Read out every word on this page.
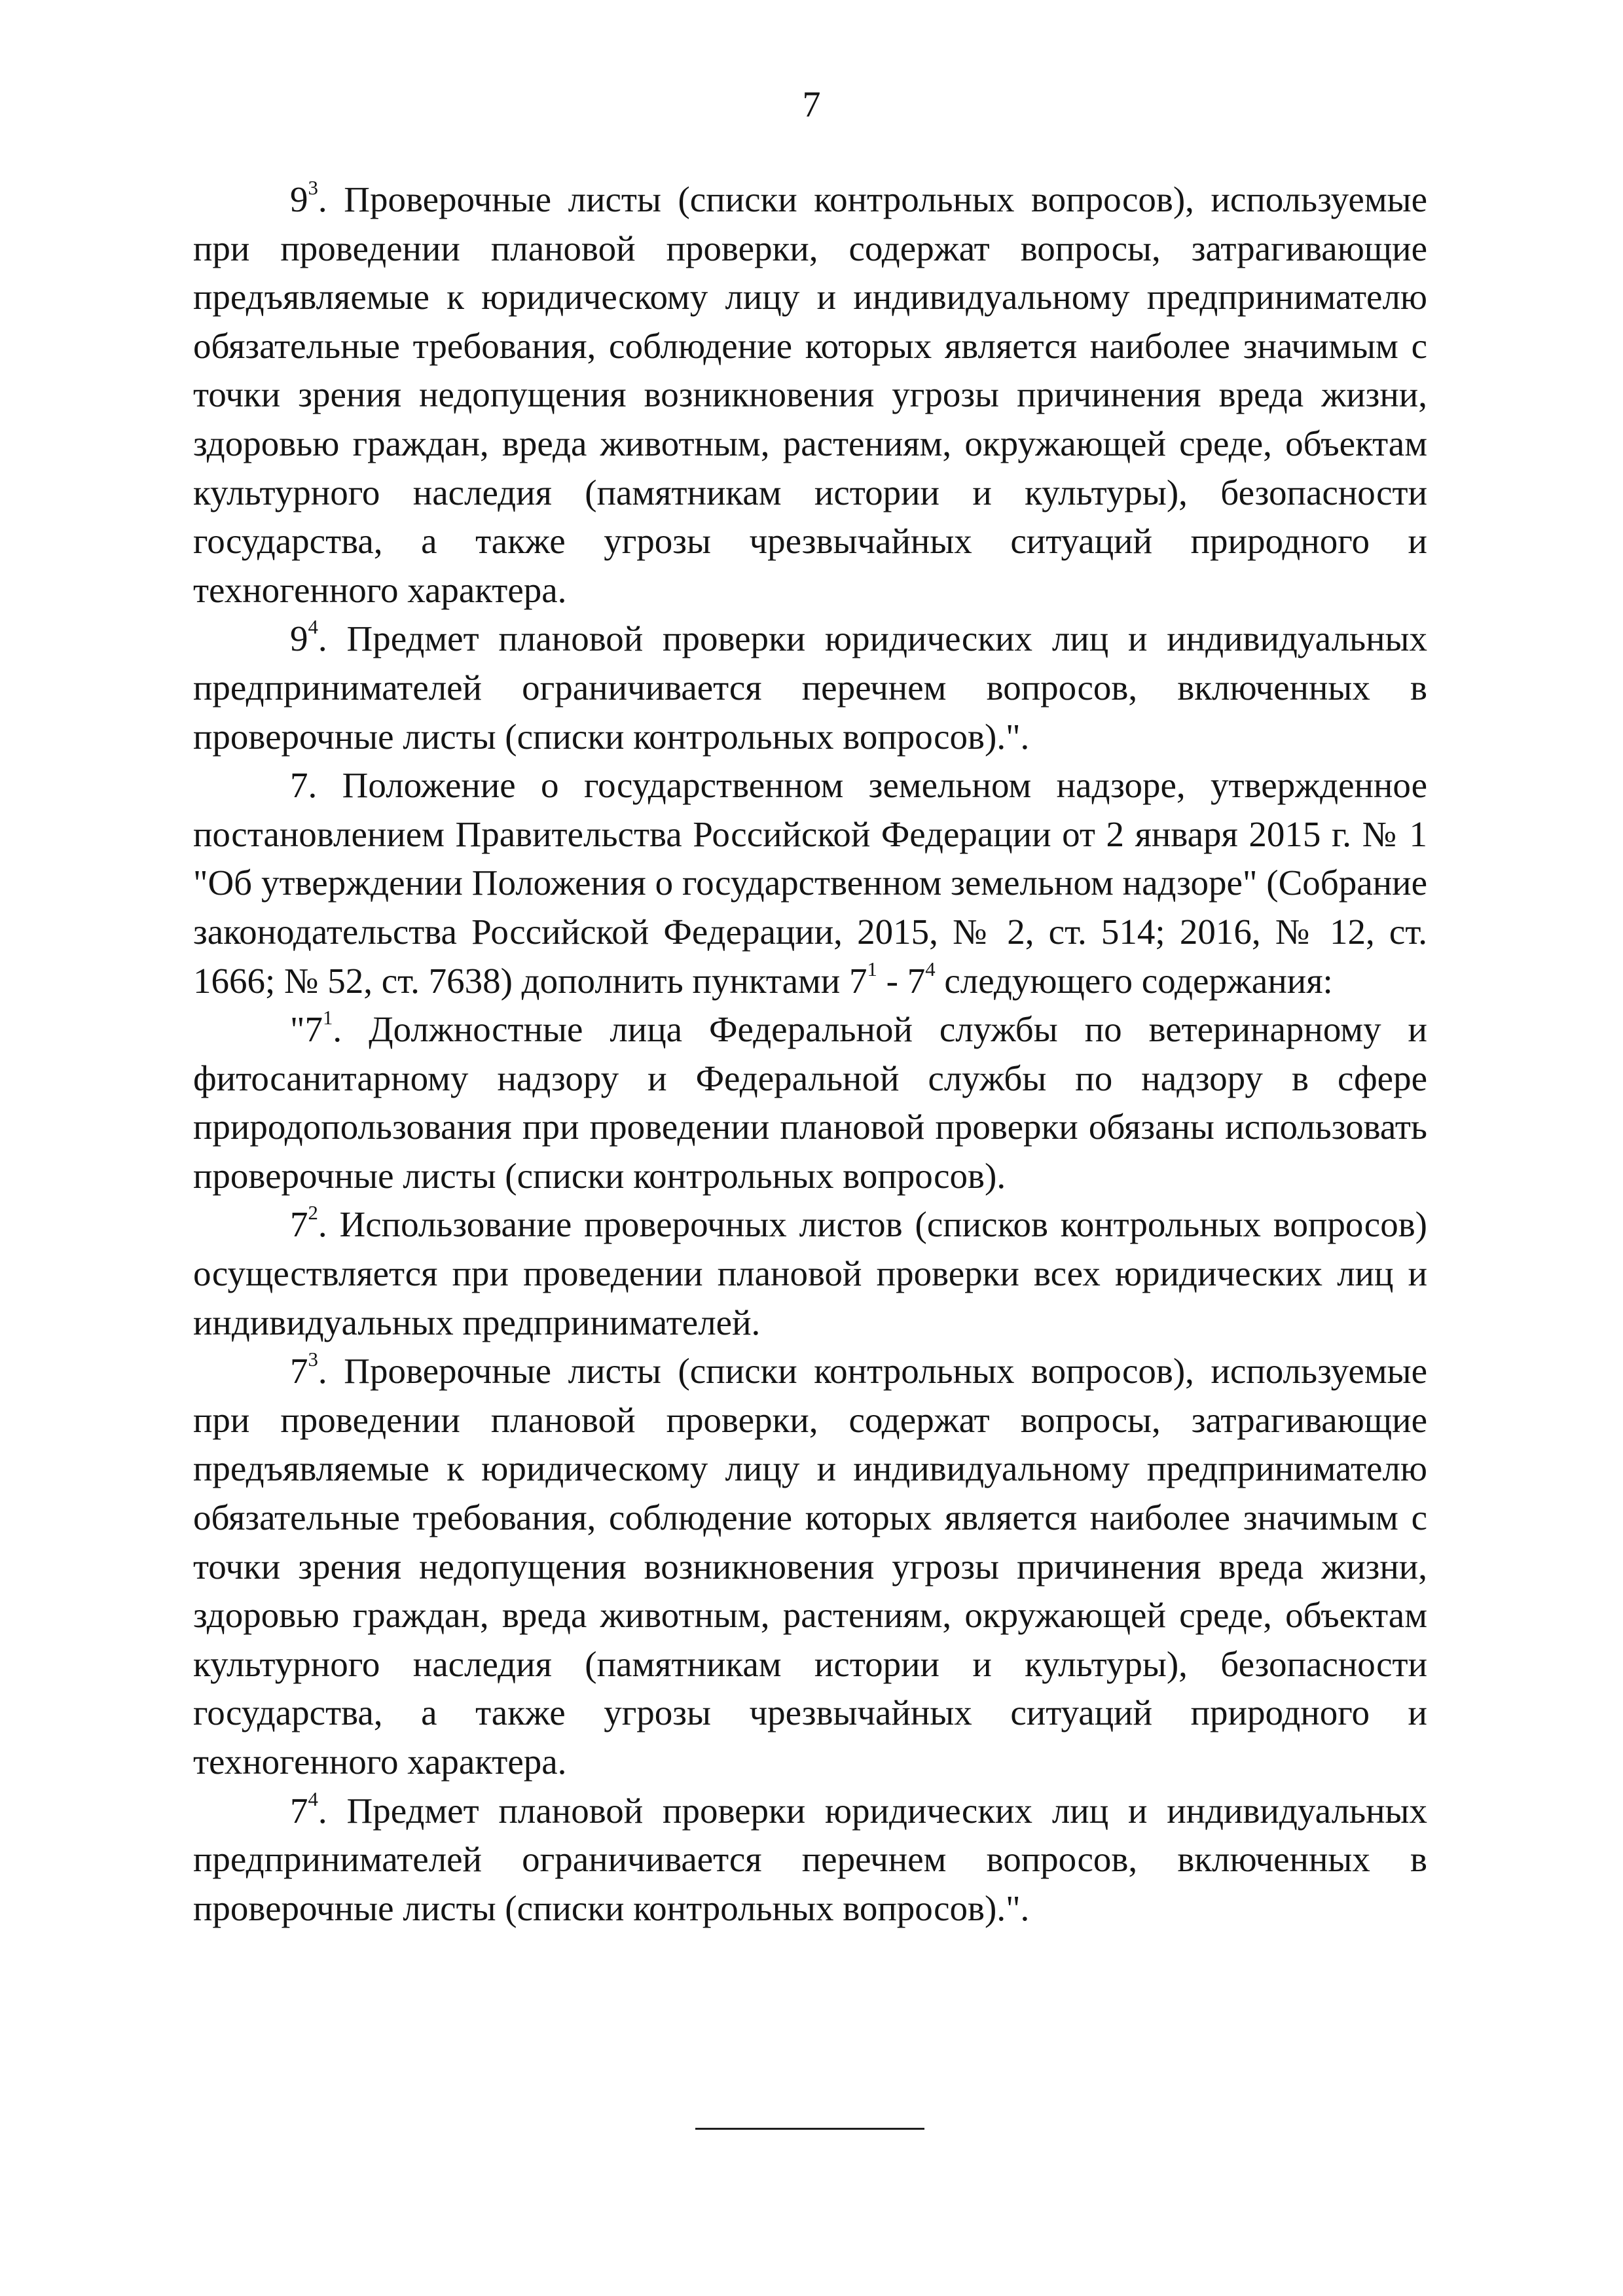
7

$9^3$. Проверочные листы (списки контрольных вопросов), используемые при проведении плановой проверки, содержат вопросы, затрагивающие предъявляемые к юридическому лицу и индивидуальному предпринимателю обязательные требования, соблюдение которых является наиболее значимым с точки зрения недопущения возникновения угрозы причинения вреда жизни, здоровью граждан, вреда животным, растениям, окружающей среде, объектам культурного наследия (памятникам истории и культуры), безопасности государства, а также угрозы чрезвычайных ситуаций природного и техногенного характера.

$9^4$. Предмет плановой проверки юридических лиц и индивидуальных предпринимателей ограничивается перечнем вопросов, включенных в проверочные листы (списки контрольных вопросов).".

7. Положение о государственном земельном надзоре, утвержденное постановлением Правительства Российской Федерации от 2 января 2015 г. № 1 "Об утверждении Положения о государственном земельном надзоре" (Собрание законодательства Российской Федерации, 2015, № 2, ст. 514; 2016, № 12, ст. 1666; № 52, ст. 7638) дополнить пунктами $7^1 - 7^4$ следующего содержания:

"$7^1$. Должностные лица Федеральной службы по ветеринарному и фитосанитарному надзору и Федеральной службы по надзору в сфере природопользования при проведении плановой проверки обязаны использовать проверочные листы (списки контрольных вопросов).

$7^2$. Использование проверочных листов (списков контрольных вопросов) осуществляется при проведении плановой проверки всех юридических лиц и индивидуальных предпринимателей.

$7^3$. Проверочные листы (списки контрольных вопросов), используемые при проведении плановой проверки, содержат вопросы, затрагивающие предъявляемые к юридическому лицу и индивидуальному предпринимателю обязательные требования, соблюдение которых является наиболее значимым с точки зрения недопущения возникновения угрозы причинения вреда жизни, здоровью граждан, вреда животным, растениям, окружающей среде, объектам культурного наследия (памятникам истории и культуры), безопасности государства, а также угрозы чрезвычайных ситуаций природного и техногенного характера.

$7^4$. Предмет плановой проверки юридических лиц и индивидуальных предпринимателей ограничивается перечнем вопросов, включенных в проверочные листы (списки контрольных вопросов).".
